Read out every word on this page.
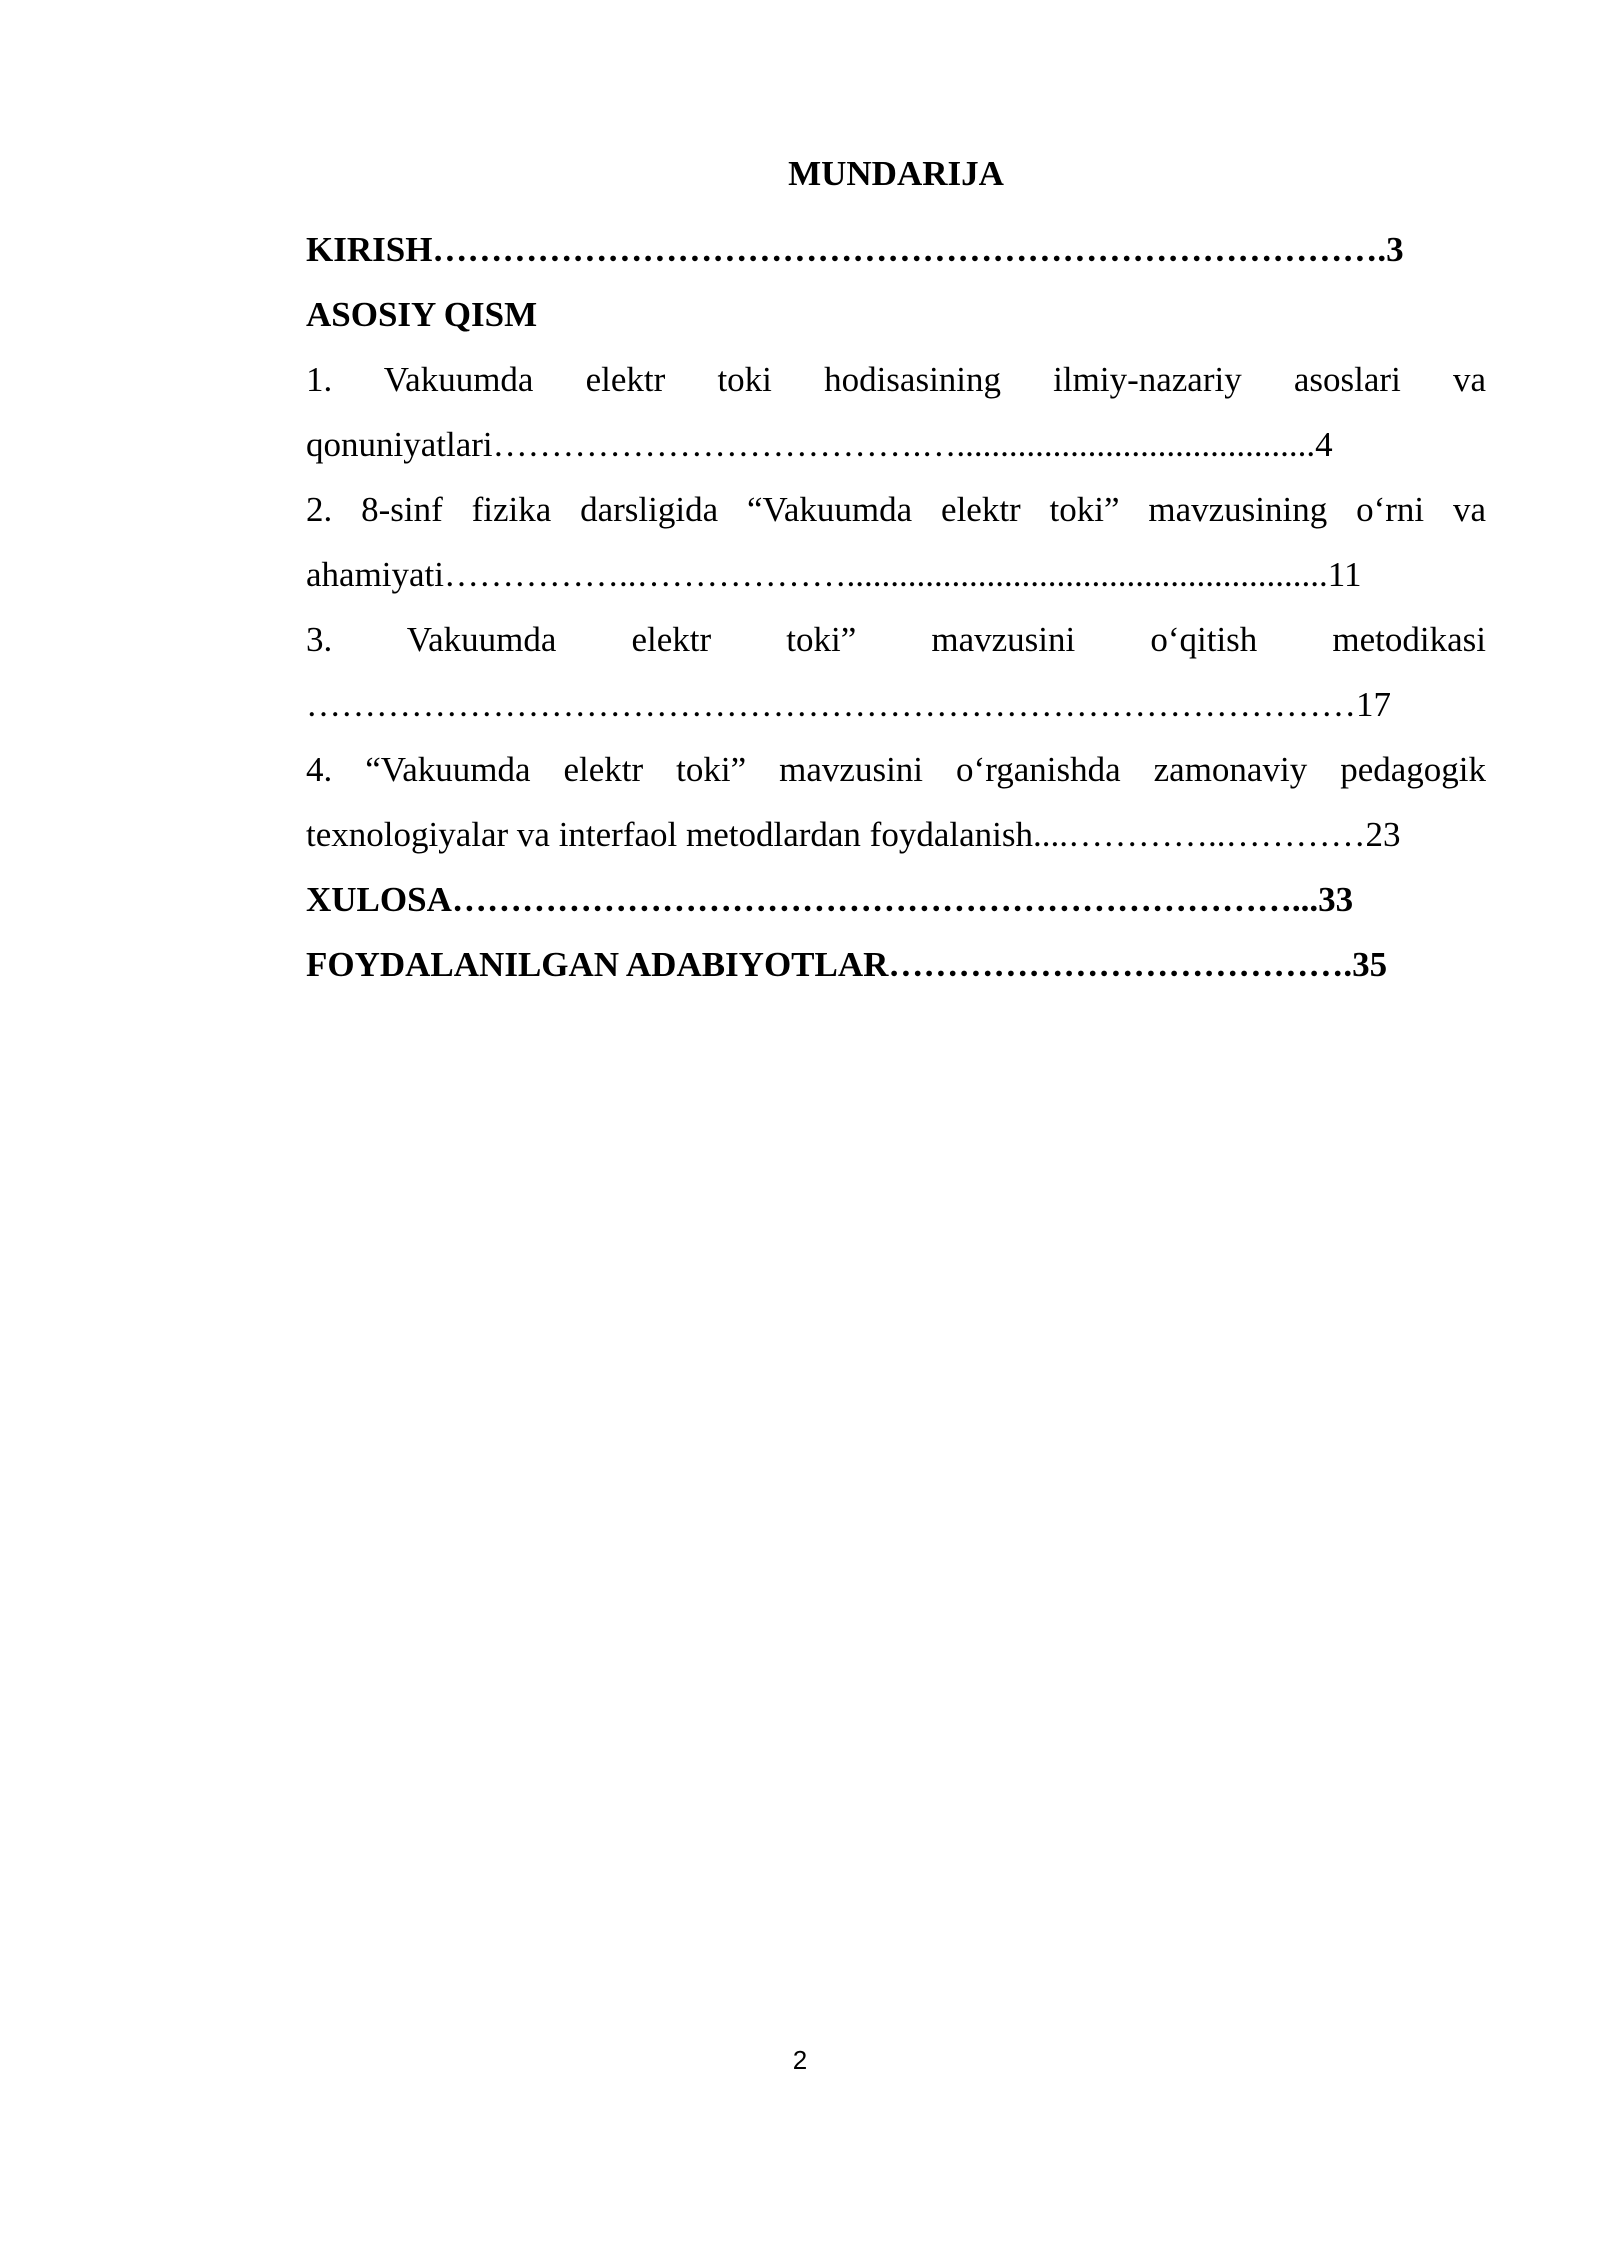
MUNDARIJA
KIRISH……………………………………………………………………….3
ASOSIY QISM
1. Vakuumda elektr toki hodisasining ilmiy-nazariy asoslari va
qonuniyatlari……………………………….….........................................4
2. 8-sinf fizika darsligida “Vakuumda elektr toki” mavzusining o‘rni va
ahamiyati……………..……………….......................................................11
3. Vakuumda elektr toki” mavzusini o‘qitish metodikasi
………………………………………………………………………………17
4. “Vakuumda elektr toki” mavzusini o‘rganishda zamonaviy pedagogik
texnologiyalar va interfaol metodlardan foydalanish....…………..…………23
XULOSA………………………………………………………………...33
FOYDALANILGAN ADABIYOTLAR………………………………….35
2
